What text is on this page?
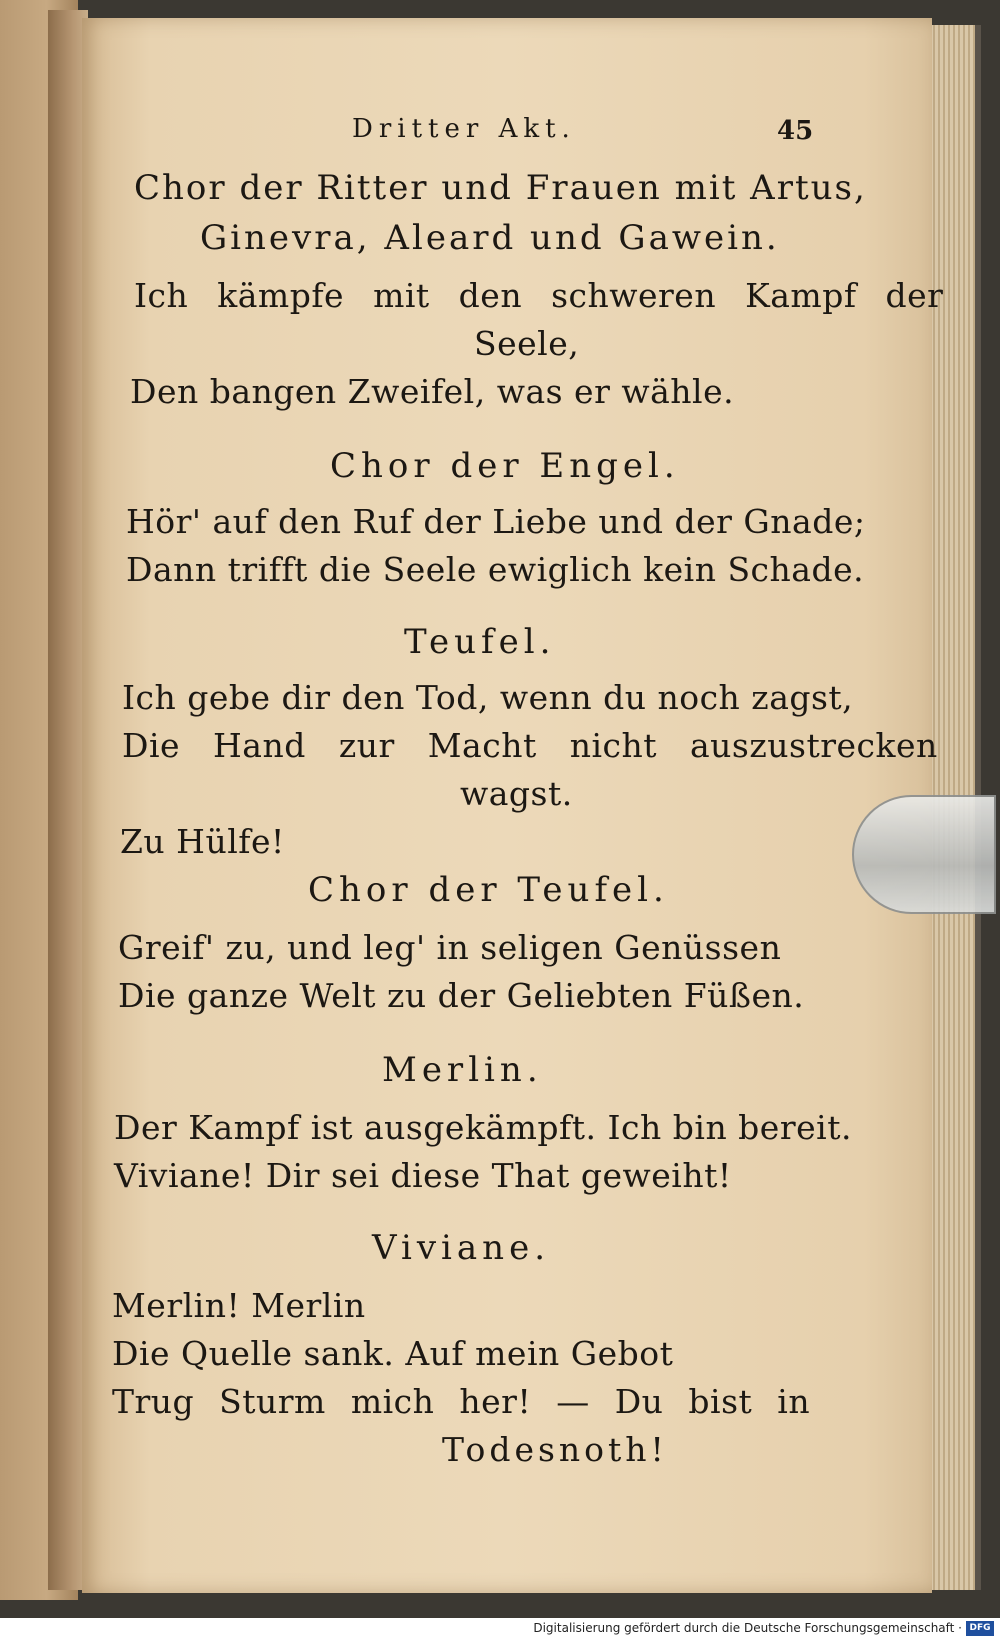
Dritter Akt.	45
Chor der Ritter und Frauen mit Artus,
Ginevra, Aleard und Gawein.
Ich kämpfe mit den schweren Kampf der
Seele,
Den bangen Zweifel, was er wähle.
Chor der Engel.
Hör' auf den Ruf der Liebe und der Gnade;
Dann trifft die Seele ewiglich kein Schade.
Teufel.
Ich gebe dir den Tod, wenn du noch zagst,
Die Hand zur Macht nicht auszustrecken
wagst.
Zu Hülfe!
Chor der Teufel.
Greif' zu, und leg' in seligen Genüssen
Die ganze Welt zu der Geliebten Füßen.
Merlin.
Der Kampf ist ausgekämpft. Ich bin bereit.
Viviane! Dir sei diese That geweiht!
Viviane.
Merlin! Merlin
Die Quelle sank. Auf mein Gebot
Trug Sturm mich her! — Du bist in
Todesnoth!
Digitalisierung gefördert durch die Deutsche Forschungsgemeinschaft · DFG
